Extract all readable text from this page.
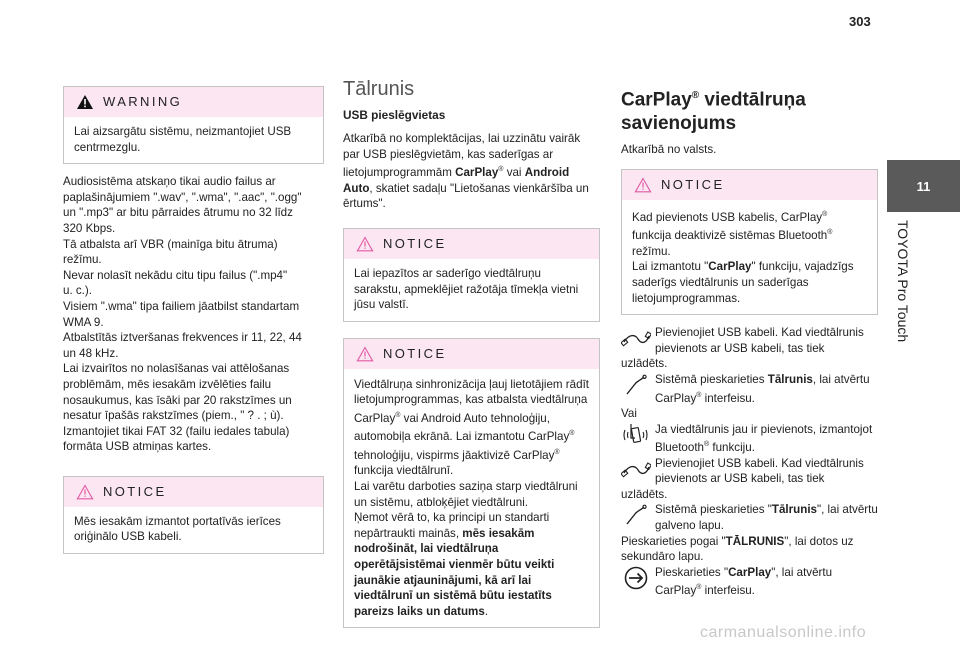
303
11
TOYOTA Pro Touch
WARNING

Lai aizsargātu sistēmu, neizmantojiet USB centrmezglu.

Audiosistēma atskaņo tikai audio failus ar
paplašinājumiem ".wav", ".wma", ".aac", ".ogg"
un ".mp3" ar bitu pārraides ātrumu no 32 līdz
320 Kbps.
Tā atbalsta arī VBR (mainīga bitu ātruma)
režīmu.
Nevar nolasīt nekādu citu tipu failus (".mp4"
u. c.).
Visiem ".wma" tipa failiem jāatbilst standartam
WMA 9.
Atbalstītās iztveršanas frekvences ir 11, 22, 44
un 48 kHz.
Lai izvairītos no nolasīšanas vai attēlošanas
problēmām, mēs iesakām izvēlēties failu
nosaukumus, kas īsāki par 20 rakstzīmes un
nesatur īpašās rakstzīmes (piem., " ? . ; ù).
Izmantojiet tikai FAT 32 (failu iedales tabula)
formāta USB atmiņas kartes.
NOTICE

Mēs iesakām izmantot portatīvās ierīces oriģinālo USB kabeli.

Tālrunis
USB pieslēgvietas

Atkarībā no komplektācijas, lai uzzinātu vairāk par USB pieslēgvietām, kas saderīgas ar lietojumprogrammām CarPlay® vai Android Auto, skatiet sadaļu "Lietošanas vienkāršība un ērtums".

NOTICE

Lai iepazītos ar saderīgo viedtālruņu sarakstu, apmeklējiet ražotāja tīmekļa vietni jūsu valstī.

NOTICE

Viedtālruņa sinhronizācija ļauj lietotājiem rādīt lietojumprogrammas, kas atbalsta viedtālruņa CarPlay® vai Android Auto tehnoloģiju, automobiļa ekrānā. Lai izmantotu CarPlay® tehnoloģiju, vispirms jāaktivizē CarPlay® funkcija viedtālrunī.

Lai varētu darboties saziņa starp viedtālruni un sistēmu, atbloķējiet viedtālruni.

Ņemot vērā to, ka principi un standarti nepārtraukti mainās, mēs iesakām nodrošināt, lai viedtālruņa operētājsistēmai vienmēr būtu veikti jaunākie atjauninājumi, kā arī lai viedtālrunī un sistēmā būtu iestatīts pareizs laiks un datums.

CarPlay® viedtālruņa
savienojums

Atkarībā no valsts.

NOTICE

Kad pievienots USB kabelis, CarPlay® funkcija deaktivizē sistēmas Bluetooth® režīmu.

Lai izmantotu "CarPlay" funkciju, vajadzīgs saderīgs viedtālrunis un saderīgas lietojumprogrammas.

Pievienojiet USB kabeli. Kad viedtālrunis pievienots ar USB kabeli, tas tiek

uzlādēts.

Sistēmā pieskarieties Tālrunis, lai atvērtu CarPlay® interfeisu.

Vai

Ja viedtālrunis jau ir pievienots, izmantojot Bluetooth® funkciju.

Pievienojiet USB kabeli. Kad viedtālrunis pievienots ar USB kabeli, tas tiek

uzlādēts.

Sistēmā pieskarieties "Tālrunis", lai atvērtu galveno lapu.

Pieskarieties pogai "TĀLRUNIS", lai dotos uz sekundāro lapu.

Pieskarieties "CarPlay", lai atvērtu CarPlay® interfeisu.

carmanualsonline.info
